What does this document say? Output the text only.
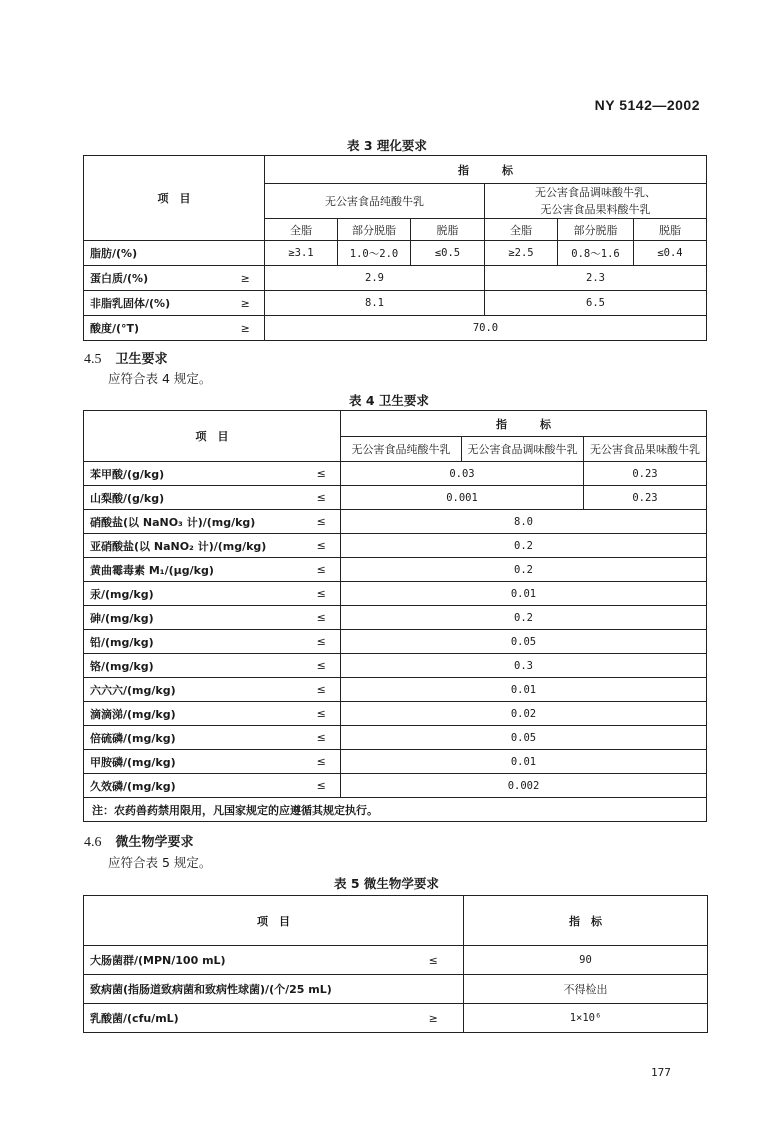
NY 5142—2002
表 3 理化要求
项　目		指　　　标					
		无公害食品纯酸牛乳			无公害食品调味酸牛乳、
无公害食品果料酸牛乳		

		全脂	部分脱脂	脱脂	全脂	部分脱脂	脱脂
脂肪/(%)		≥3.1	1.0～2.0	≤0.5	≥2.5	0.8～1.6	≤0.4
蛋白质/(%)	≥	2.9			2.3		
非脂乳固体/(%)	≥	8.1			6.5		
酸度/(°T)	≥	70.0					
4.5 卫生要求
应符合表 4 规定。
表 4 卫生要求
项　目		指　　　标		
		无公害食品纯酸牛乳	无公害食品调味酸牛乳	无公害食品果味酸牛乳
苯甲酸/(g/kg)	≤	0.03		0.23
山梨酸/(g/kg)	≤	0.001		0.23
硝酸盐(以 NaNO₃ 计)/(mg/kg)	≤	8.0		
亚硝酸盐(以 NaNO₂ 计)/(mg/kg)	≤	0.2		
黄曲霉毒素 M₁/(μg/kg)	≤	0.2		
汞/(mg/kg)	≤	0.01		
砷/(mg/kg)	≤	0.2		
铅/(mg/kg)	≤	0.05		
铬/(mg/kg)	≤	0.3		
六六六/(mg/kg)	≤	0.01		
滴滴涕/(mg/kg)	≤	0.02		
倍硫磷/(mg/kg)	≤	0.05		
甲胺磷/(mg/kg)	≤	0.01		
久效磷/(mg/kg)	≤	0.002		
注：农药兽药禁用限用，凡国家规定的应遵循其规定执行。				
4.6 微生物学要求
应符合表 5 规定。
表 5 微生物学要求
项　目		指　标
大肠菌群/(MPN/100 mL)	≤	90
致病菌(指肠道致病菌和致病性球菌)/(个/25 mL)		不得检出
乳酸菌/(cfu/mL)	≥	1×10⁶
177
